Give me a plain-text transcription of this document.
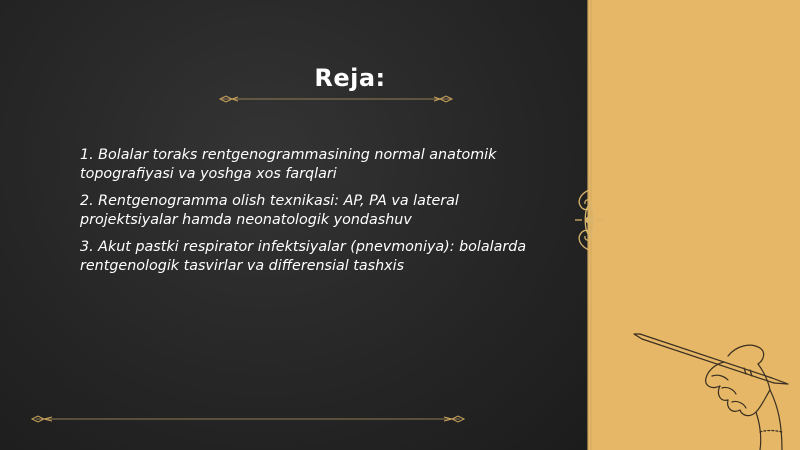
Reja:
1. Bolalar toraks rentgenogrammasining normal anatomik topografiyasi va yoshga xos farqlari
2. Rentgenogramma olish texnikasi: AP, PA va lateral projektsiyalar hamda neonatologik yondashuv
3. Akut pastki respirator infektsiyalar (pnevmoniya): bolalarda rentgenologik tasvirlar va differensial tashxis
